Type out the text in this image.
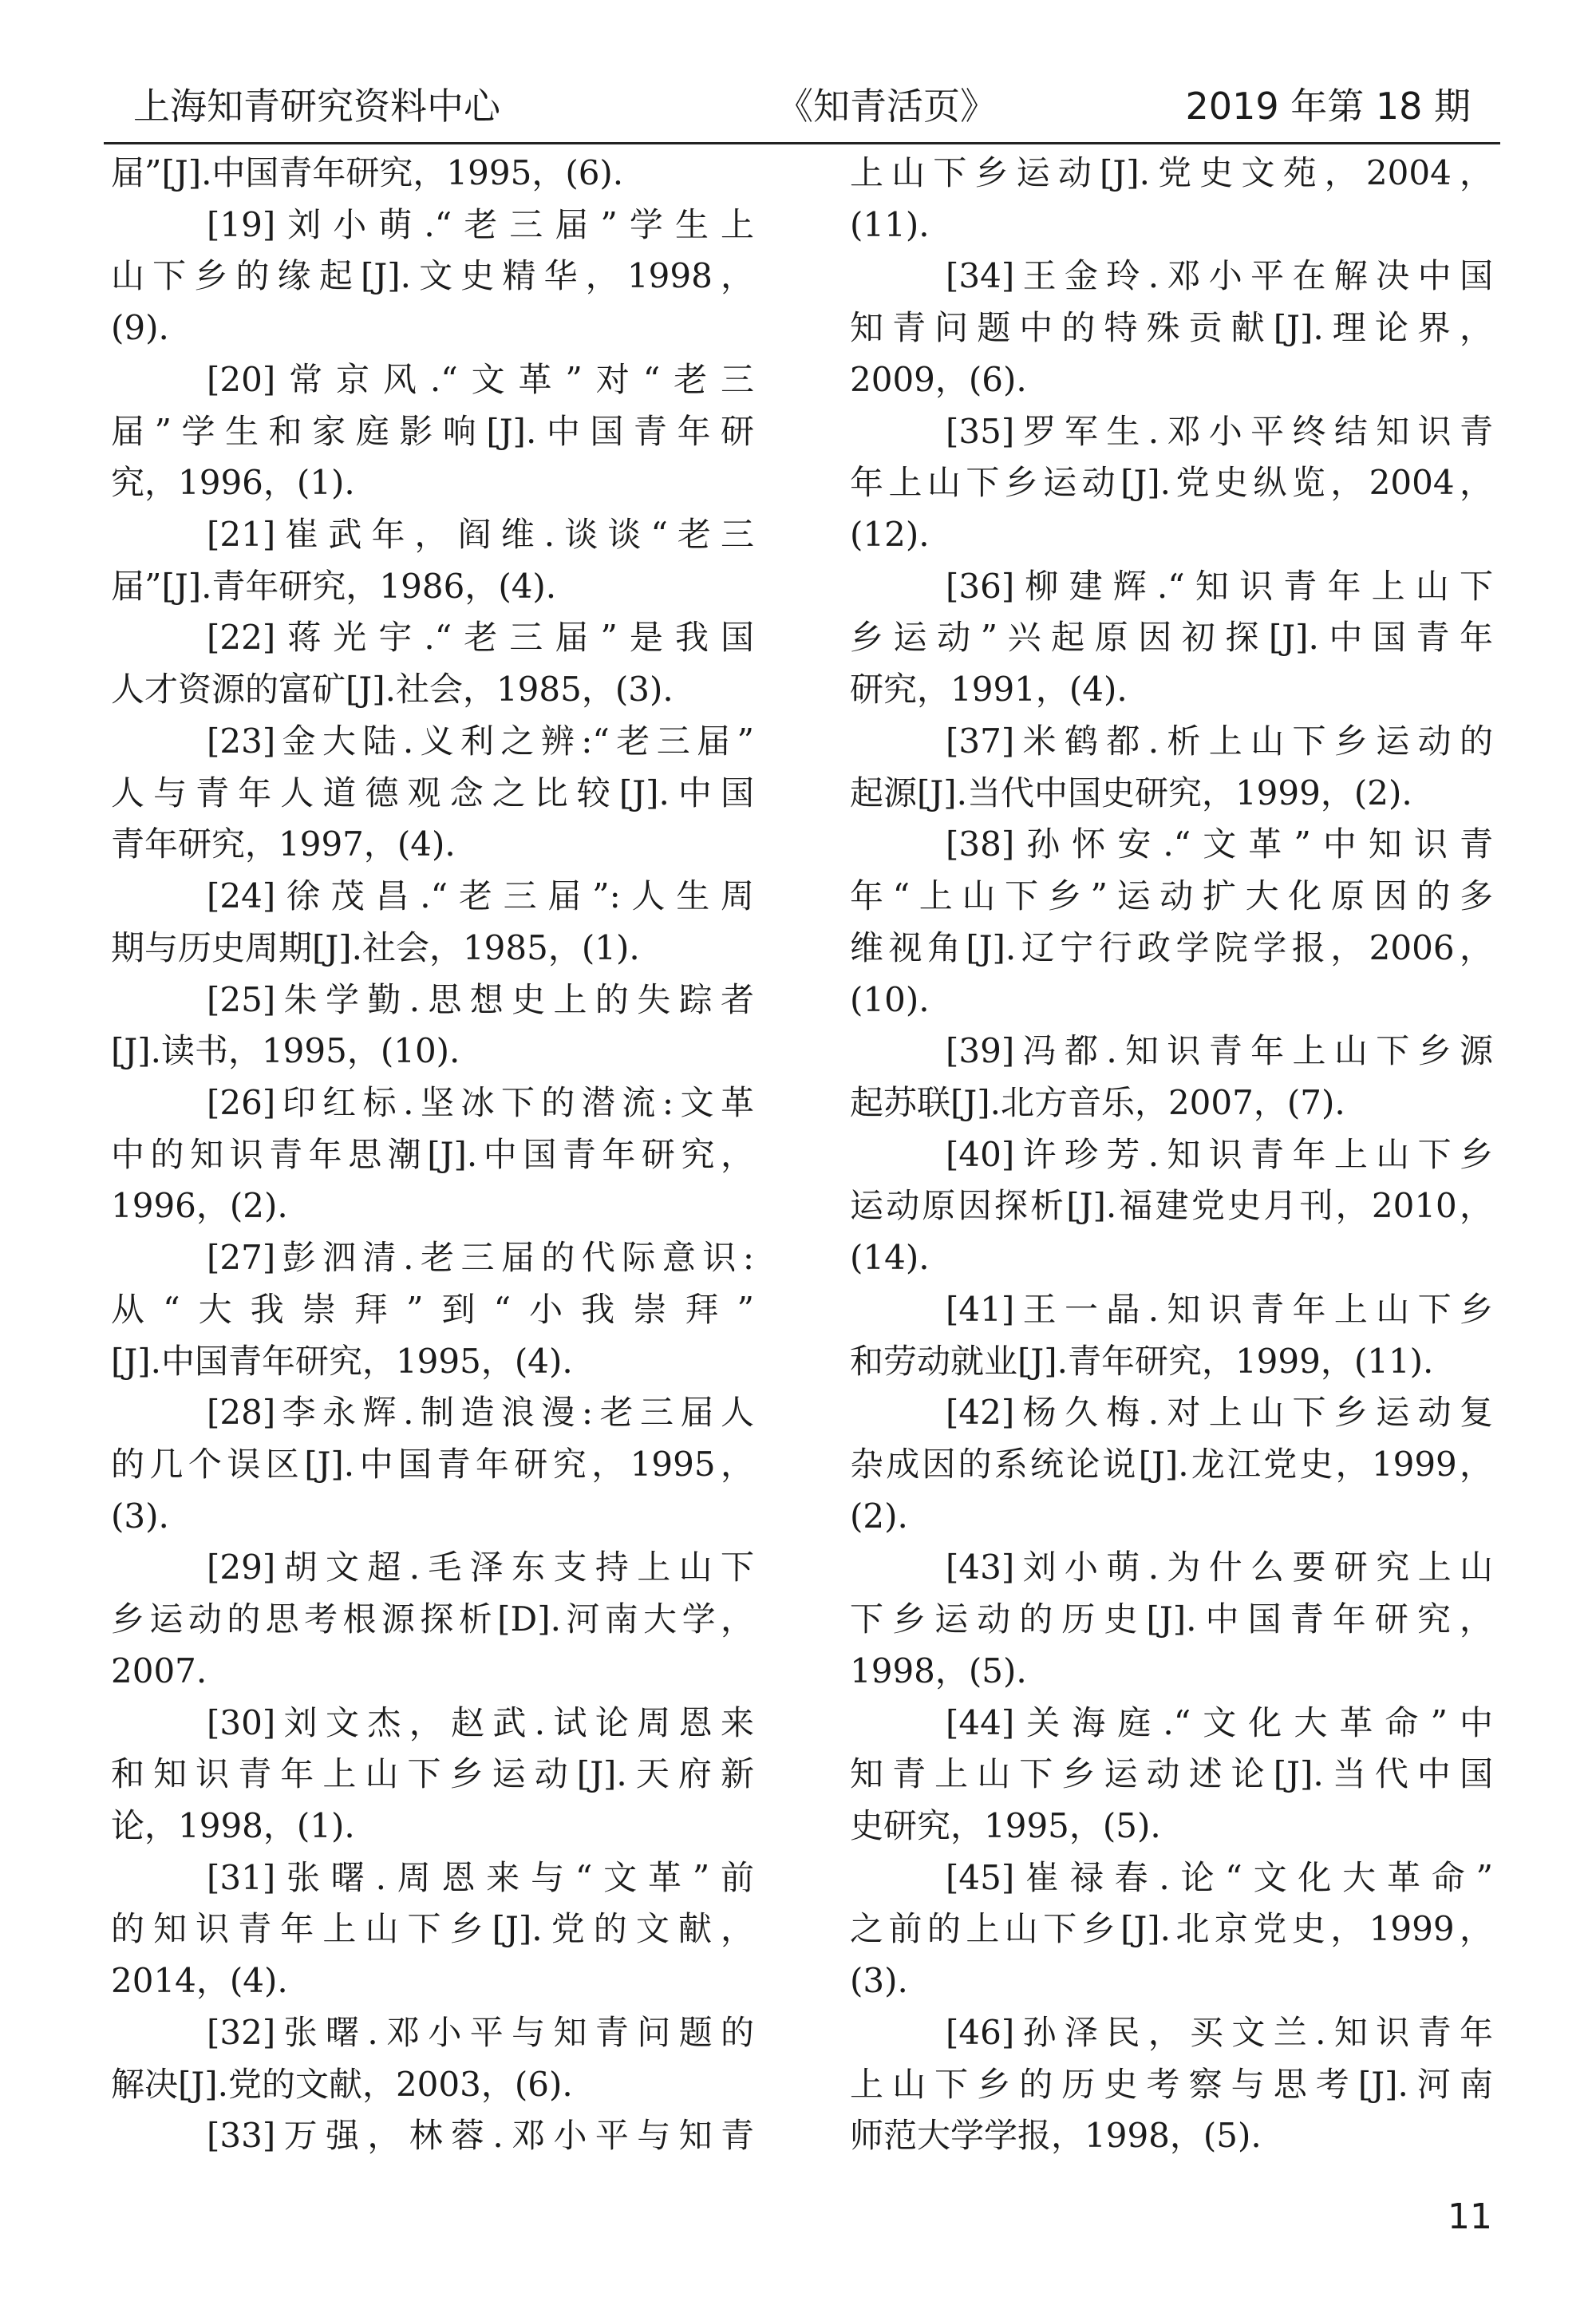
上海知青研究资料中心	《知青活页》	2019 年第 18 期
届”[J].中国青年研究，1995，(6).
[19]刘小萌.“老三届”学生上
山下乡的缘起[J].文史精华，1998，
(9).
[20]常京风.“文革”对“老三
届”学生和家庭影响[J].中国青年研
究，1996，(1).
[21]崔武年，阎维.谈谈“老三
届”[J].青年研究，1986，(4).
[22]蒋光宇.“老三届”是我国
人才资源的富矿[J].社会，1985，(3).
[23]金大陆.义利之辨:“老三届”
人与青年人道德观念之比较[J].中国
青年研究，1997，(4).
[24]徐茂昌.“老三届”:人生周
期与历史周期[J].社会，1985，(1).
[25]朱学勤.思想史上的失踪者
[J].读书，1995，(10).
[26]印红标.坚冰下的潜流:文革
中的知识青年思潮[J].中国青年研究，
1996，(2).
[27]彭泗清.老三届的代际意识:
从“大我崇拜”到“小我崇拜”
[J].中国青年研究，1995，(4).
[28]李永辉.制造浪漫:老三届人
的几个误区[J].中国青年研究，1995，
(3).
[29]胡文超.毛泽东支持上山下
乡运动的思考根源探析[D].河南大学，
2007.
[30]刘文杰，赵武.试论周恩来
和知识青年上山下乡运动[J].天府新
论，1998，(1).
[31]张曙.周恩来与“文革”前
的知识青年上山下乡[J].党的文献，
2014，(4).
[32]张曙.邓小平与知青问题的
解决[J].党的文献，2003，(6).
[33]万强，林蓉.邓小平与知青
上山下乡运动[J].党史文苑，2004，
(11).
[34]王金玲.邓小平在解决中国
知青问题中的特殊贡献[J].理论界，
2009，(6).
[35]罗军生.邓小平终结知识青
年上山下乡运动[J].党史纵览，2004，
(12).
[36]柳建辉.“知识青年上山下
乡运动”兴起原因初探[J].中国青年
研究，1991，(4).
[37]米鹤都.析上山下乡运动的
起源[J].当代中国史研究，1999，(2).
[38]孙怀安.“文革”中知识青
年“上山下乡”运动扩大化原因的多
维视角[J].辽宁行政学院学报，2006，
(10).
[39]冯都.知识青年上山下乡源
起苏联[J].北方音乐，2007，(7).
[40]许珍芳.知识青年上山下乡
运动原因探析[J].福建党史月刊，2010，
(14).
[41]王一晶.知识青年上山下乡
和劳动就业[J].青年研究，1999，(11).
[42]杨久梅.对上山下乡运动复
杂成因的系统论说[J].龙江党史，1999，
(2).
[43]刘小萌.为什么要研究上山
下乡运动的历史[J].中国青年研究，
1998，(5).
[44]关海庭.“文化大革命”中
知青上山下乡运动述论[J].当代中国
史研究，1995，(5).
[45]崔禄春.论“文化大革命”
之前的上山下乡[J].北京党史，1999，
(3).
[46]孙泽民，买文兰.知识青年
上山下乡的历史考察与思考[J].河南
师范大学学报，1998，(5).
11
